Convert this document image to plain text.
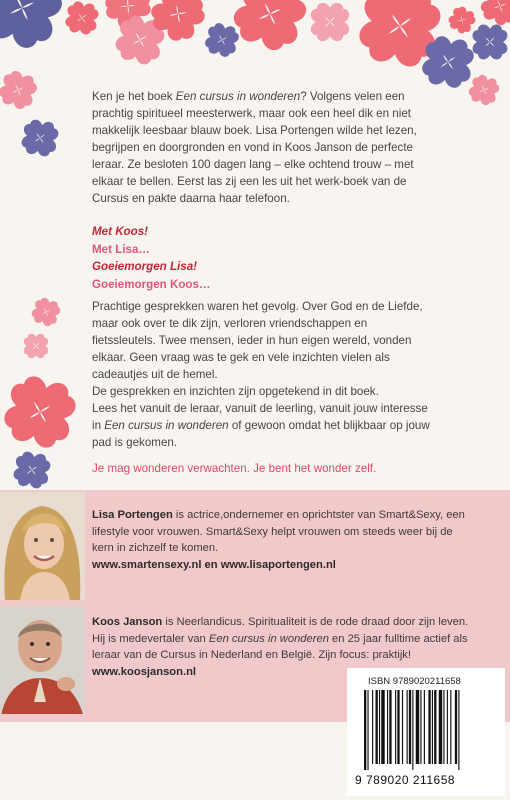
Ken je het boek Een cursus in wonderen? Volgens velen een prachtig spiritueel meesterwerk, maar ook een heel dik en niet makkelijk leesbaar blauw boek. Lisa Portengen wilde het lezen, begrijpen en doorgronden en vond in Koos Janson de perfecte leraar. Ze besloten 100 dagen lang – elke ochtend trouw – met elkaar te bellen. Eerst las zij een les uit het werk-boek van de Cursus en pakte daarna haar telefoon.

Met Koos!
Met Lisa…
Goeiemorgen Lisa!
Goeiemorgen Koos…

Prachtige gesprekken waren het gevolg. Over God en de Liefde, maar ook over te dik zijn, verloren vriendschappen en fietssleutels. Twee mensen, ieder in hun eigen wereld, vonden elkaar. Geen vraag was te gek en vele inzichten vielen als cadeautjes uit de hemel.

De gesprekken en inzichten zijn opgetekend in dit boek.

Lees het vanuit de leraar, vanuit de leerling, vanuit jouw interesse in Een cursus in wonderen of gewoon omdat het blijkbaar op jouw pad is gekomen.

Je mag wonderen verwachten. Je bent het wonder zelf.
Lisa Portengen is actrice,ondernemer en oprichtster van Smart&Sexy, een lifestyle voor vrouwen. Smart&Sexy helpt vrouwen om steeds weer bij de kern in zichzelf te komen.
www.smartensexy.nl en www.lisaportengen.nl
Koos Janson is Neerlandicus. Spiritualiteit is de rode draad door zijn leven. Hij is medevertaler van Een cursus in wonderen en 25 jaar fulltime actief als leraar van de Cursus in Nederland en België. Zijn focus: praktijk!
www.koosjanson.nl
ISBN 9789020211658
9 789020 211658
